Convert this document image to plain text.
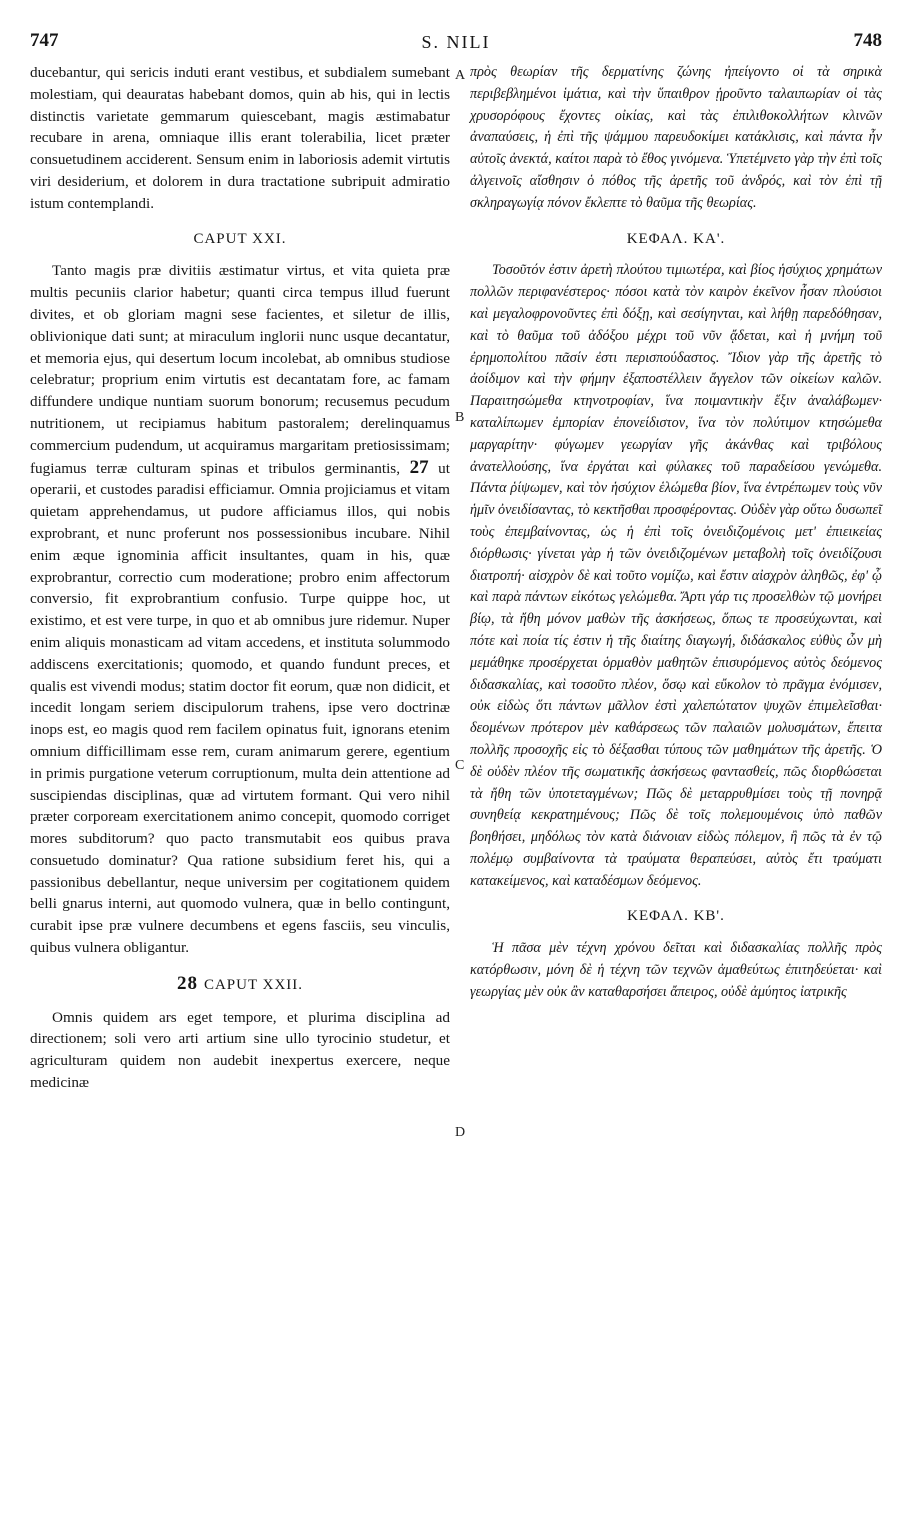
747	S. NILI	748
A
B
C
D

ducebantur, qui sericis induti erant vestibus, et subdialem sumebant molestiam, qui deauratas habebant domos, quin ab his, qui in lectis distinctis varietate gemmarum quiescebant, magis æstimabatur recubare in arena, omniaque illis erant tolerabilia, licet præter consuetudinem acciderent. Sensum enim in laboriosis ademit virtutis viri desiderium, et dolorem in dura tractatione subripuit admiratio istum contemplandi.

CAPUT XXI.

Tanto magis præ divitiis æstimatur virtus, et vita quieta præ multis pecuniis clarior habetur; quanti circa tempus illud fuerunt divites, et ob gloriam magni sese facientes, et siletur de illis, oblivionique dati sunt; at miraculum inglorii nunc usque decantatur, et memoria ejus, qui desertum locum incolebat, ab omnibus studiose celebratur; proprium enim virtutis est decantatam fore, ac famam diffundere undique nuntiam suorum bonorum; recusemus pecudum nutritionem, ut recipiamus habitum pastoralem; derelinquamus commercium pudendum, ut acquiramus margaritam pretiosissimam; fugiamus terræ culturam spinas et tribulos germinantis, 27 ut operarii, et custodes paradisi efficiamur. Omnia projiciamus et vitam quietam apprehendamus, ut pudore afficiamus illos, qui nobis exprobrant, et nunc proferunt nos possessionibus incubare. Nihil enim æque ignominia afficit insultantes, quam in his, quæ exprobrantur, correctio cum moderatione; probro enim affectorum conversio, fit exprobrantium confusio. Turpe quippe hoc, ut existimo, et est vere turpe, in quo et ab omnibus jure ridemur. Nuper enim aliquis monasticam ad vitam accedens, et instituta solummodo addiscens exercitationis; quomodo, et quando fundunt preces, et qualis est vivendi modus; statim doctor fit eorum, quæ non didicit, et incedit longam seriem discipulorum trahens, ipse vero doctrinæ inops est, eo magis quod rem facilem opinatus fuit, ignorans etenim omnium difficillimam esse rem, curam animarum gerere, egentium in primis purgatione veterum corruptionum, multa dein attentione ad suscipiendas disciplinas, quæ ad virtutem formant. Qui vero nihil præter corpoream exercitationem animo concepit, quomodo corriget mores subditorum? quo pacto transmutabit eos quibus prava consuetudo dominatur? Qua ratione subsidium feret his, qui a passionibus debellantur, neque universim per cogitationem quidem belli gnarus interni, aut quomodo vulnera, quæ in bello contingunt, curabit ipse præ vulnere decumbens et egens fasciis, seu vinculis, quibus vulnera obligantur.

28 CAPUT XXII.

Omnis quidem ars eget tempore, et plurima disciplina ad directionem; soli vero arti artium sine ullo tyrocinio studetur, et agriculturam quidem non audebit inexpertus exercere, neque medicinæ

πρὸς θεωρίαν τῆς δερματίνης ζώνης ἠπείγοντο οἱ τὰ σηρικὰ περιβεβλημένοι ἱμάτια, καὶ τὴν ὕπαιθρον ᾑροῦντο ταλαιπωρίαν οἱ τὰς χρυσορόφους ἔχοντες οἰκίας, καὶ τὰς ἐπιλιθοκολλήτων κλινῶν ἀναπαύσεις, ἡ ἐπὶ τῆς ψάμμου παρευδοκίμει κατάκλισις, καὶ πάντα ἦν αὐτοῖς ἀνεκτά, καίτοι παρὰ τὸ ἔθος γινόμενα. Ὑπετέμνετο γὰρ τὴν ἐπὶ τοῖς ἀλγεινοῖς αἴσθησιν ὁ πόθος τῆς ἀρετῆς τοῦ ἀνδρός, καὶ τὸν ἐπὶ τῇ σκληραγωγίᾳ πόνον ἔκλεπτε τὸ θαῦμα τῆς θεωρίας.

ΚΕΦΑΛ. ΚΑ'.

Τοσοῦτόν ἐστιν ἀρετὴ πλούτου τιμιωτέρα, καὶ βίος ἡσύχιος χρημάτων πολλῶν περιφανέστερος· πόσοι κατὰ τὸν καιρὸν ἐκεῖνον ἦσαν πλούσιοι καὶ μεγαλοφρονοῦντες ἐπὶ δόξῃ, καὶ σεσίγηνται, καὶ λήθῃ παρεδόθησαν, καὶ τὸ θαῦμα τοῦ ἀδόξου μέχρι τοῦ νῦν ᾄδεται, καὶ ἡ μνήμη τοῦ ἐρημοπολίτου πᾶσίν ἐστι περισπούδαστος. Ἴδιον γὰρ τῆς ἀρετῆς τὸ ἀοίδιμον καὶ τὴν φήμην ἐξαποστέλλειν ἄγγελον τῶν οἰκείων καλῶν. Παραιτησώμεθα κτηνοτροφίαν, ἵνα ποιμαντικὴν ἕξιν ἀναλάβωμεν· καταλίπωμεν ἐμπορίαν ἐπονείδιστον, ἵνα τὸν πολύτιμον κτησώμεθα μαργαρίτην· φύγωμεν γεωργίαν γῆς ἀκάνθας καὶ τριβόλους ἀνατελλούσης, ἵνα ἐργάται καὶ φύλακες τοῦ παραδείσου γενώμεθα. Πάντα ῥίψωμεν, καὶ τὸν ἡσύχιον ἑλώμεθα βίον, ἵνα ἐντρέπωμεν τοὺς νῦν ἡμῖν ὀνειδίσαντας, τὸ κεκτῆσθαι προσφέροντας. Οὐδὲν γὰρ οὕτω δυσωπεῖ τοὺς ἐπεμβαίνοντας, ὡς ἡ ἐπὶ τοῖς ὀνειδιζομένοις μετ' ἐπιεικείας διόρθωσις· γίνεται γὰρ ἡ τῶν ὀνειδιζομένων μεταβολὴ τοῖς ὀνειδίζουσι διατροπή· αἰσχρὸν δὲ καὶ τοῦτο νομίζω, καὶ ἔστιν αἰσχρὸν ἀληθῶς, ἐφ' ᾧ καὶ παρὰ πάντων εἰκότως γελώμεθα. Ἄρτι γάρ τις προσελθὼν τῷ μονήρει βίῳ, τὰ ἤθη μόνον μαθὼν τῆς ἀσκήσεως, ὅπως τε προσεύχωνται, καὶ πότε καὶ ποία τίς ἐστιν ἡ τῆς διαίτης διαγωγή, διδάσκαλος εὐθὺς ὧν μὴ μεμάθηκε προσέρχεται ὁρμαθὸν μαθητῶν ἐπισυρόμενος αὐτὸς δεόμενος διδασκαλίας, καὶ τοσοῦτο πλέον, ὅσῳ καὶ εὔκολον τὸ πρᾶγμα ἐνόμισεν, οὐκ εἰδὼς ὅτι πάντων μᾶλλον ἐστὶ χαλεπώτατον ψυχῶν ἐπιμελεῖσθαι· δεομένων πρότερον μὲν καθάρσεως τῶν παλαιῶν μολυσμάτων, ἔπειτα πολλῆς προσοχῆς εἰς τὸ δέξασθαι τύπους τῶν μαθημάτων τῆς ἀρετῆς. Ὁ δὲ οὐδὲν πλέον τῆς σωματικῆς ἀσκήσεως φαντασθείς, πῶς διορθώσεται τὰ ἤθη τῶν ὑποτεταγμένων; Πῶς δὲ μεταρρυθμίσει τοὺς τῇ πονηρᾷ συνηθείᾳ κεκρατημένους; Πῶς δὲ τοῖς πολεμουμένοις ὑπὸ παθῶν βοηθήσει, μηδόλως τὸν κατὰ διάνοιαν εἰδὼς πόλεμον, ἢ πῶς τὰ ἐν τῷ πολέμῳ συμβαίνοντα τὰ τραύματα θεραπεύσει, αὐτὸς ἔτι τραύματι κατακείμενος, καὶ καταδέσμων δεόμενος.

ΚΕΦΑΛ. ΚΒ'.

Ἡ πᾶσα μὲν τέχνη χρόνου δεῖται καὶ διδασκαλίας πολλῆς πρὸς κατόρθωσιν, μόνη δὲ ἡ τέχνη τῶν τεχνῶν ἀμαθεύτως ἐπιτηδεύεται· καὶ γεωργίας μὲν οὐκ ἂν καταθαρσήσει ἄπειρος, οὐδὲ ἀμύητος ἰατρικῆς
